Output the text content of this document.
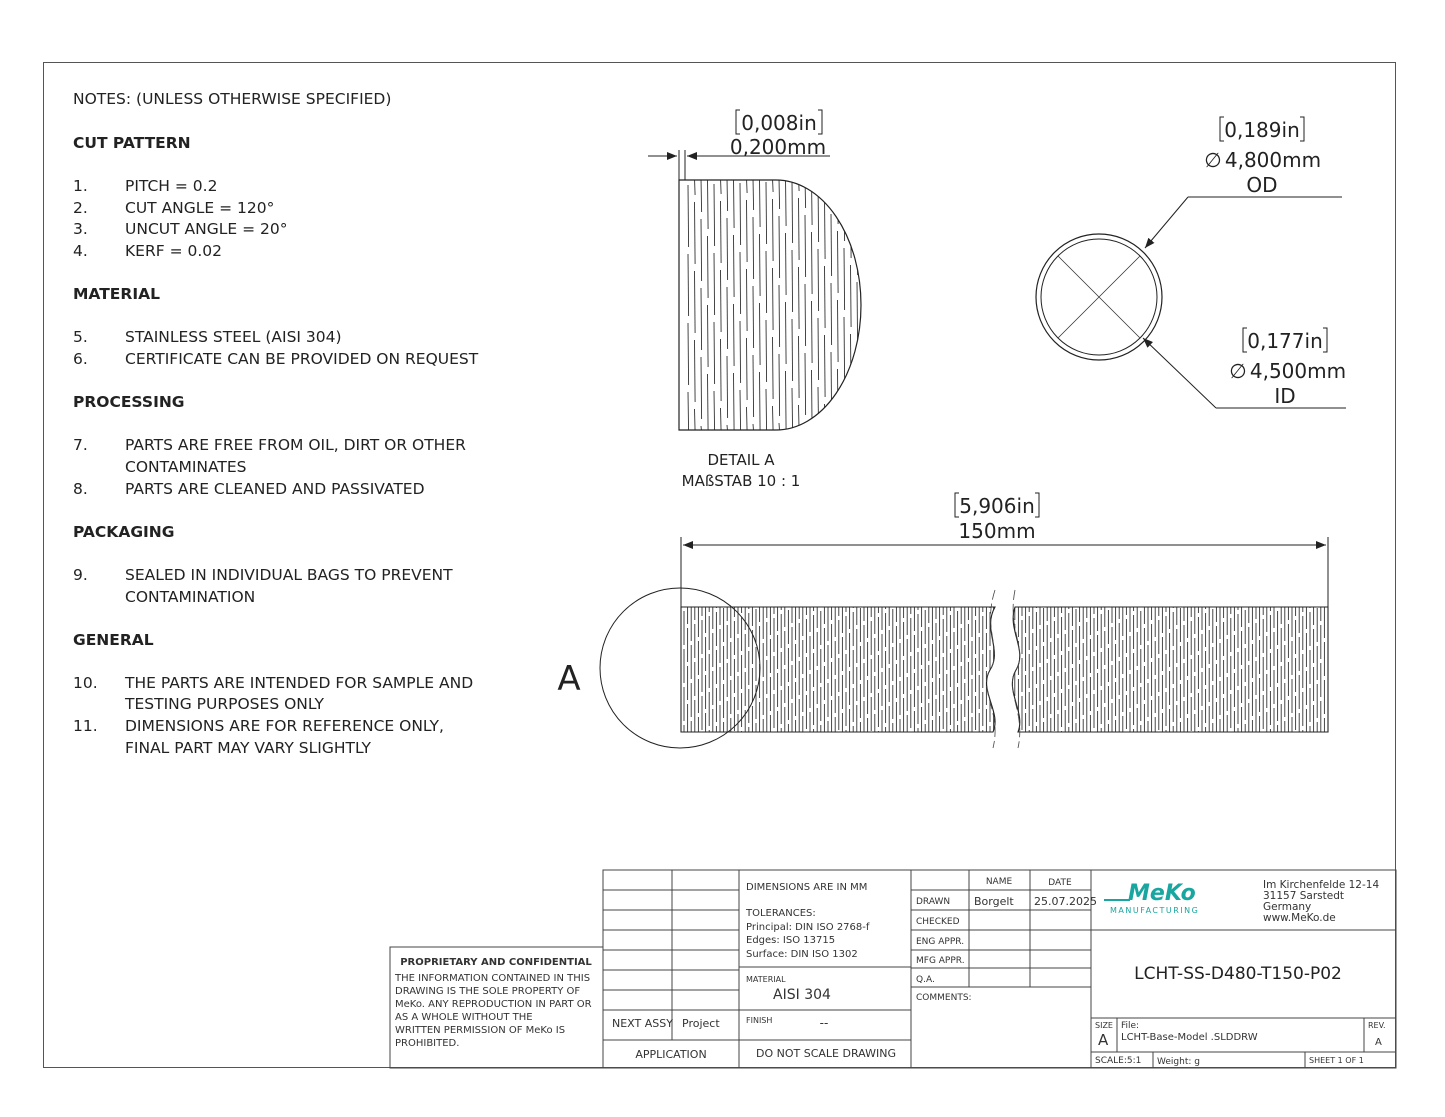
NOTES: (UNLESS OTHERWISE SPECIFIED)
CUT PATTERN
1. PITCH = 0.2
2. CUT ANGLE = 120°
3. UNCUT ANGLE = 20°
4. KERF = 0.02
MATERIAL
5. STAINLESS STEEL (AISI 304)
6. CERTIFICATE CAN BE PROVIDED ON REQUEST
PROCESSING
7. PARTS ARE FREE FROM OIL, DIRT OR OTHER
CONTAMINATES
8. PARTS ARE CLEANED AND PASSIVATED
PACKAGING
9. SEALED IN INDIVIDUAL BAGS TO PREVENT
CONTAMINATION
GENERAL
10. THE PARTS ARE INTENDED FOR SAMPLE AND
TESTING PURPOSES ONLY
11. DIMENSIONS ARE FOR REFERENCE ONLY,
FINAL PART MAY VARY SLIGHTLY
0,008in
0,200mm
DETAIL A
MAßSTAB 10 : 1
0,189in
∅ 4,800mm
OD
0,177in
∅ 4,500mm
ID
5,906in
150mm
A
PROPRIETARY AND CONFIDENTIAL
THE INFORMATION CONTAINED IN THIS
DRAWING IS THE SOLE PROPERTY OF
MeKo. ANY REPRODUCTION IN PART OR
AS A WHOLE WITHOUT THE
WRITTEN PERMISSION OF MeKo IS
PROHIBITED.
NEXT ASSY Project
APPLICATION
DIMENSIONS ARE IN MM
TOLERANCES:
Principal: DIN ISO 2768-f
Edges: ISO 13715
Surface: DIN ISO 1302
MATERIAL
AISI 304
FINISH	--
DO NOT SCALE DRAWING
NAME	DATE
DRAWN Borgelt 25.07.2025
CHECKED
ENG APPR.
MFG APPR.
Q.A.
COMMENTS:
MeKo
MANUFACTURING
Im Kirchenfelde 12-14
31157 Sarstedt
Germany
www.MeKo.de
LCHT-SS-D480-T150-P02
SIZE
A
File:
LCHT-Base-Model .SLDDRW
REV.
A
SCALE:5:1 Weight: g	SHEET 1 OF 1
